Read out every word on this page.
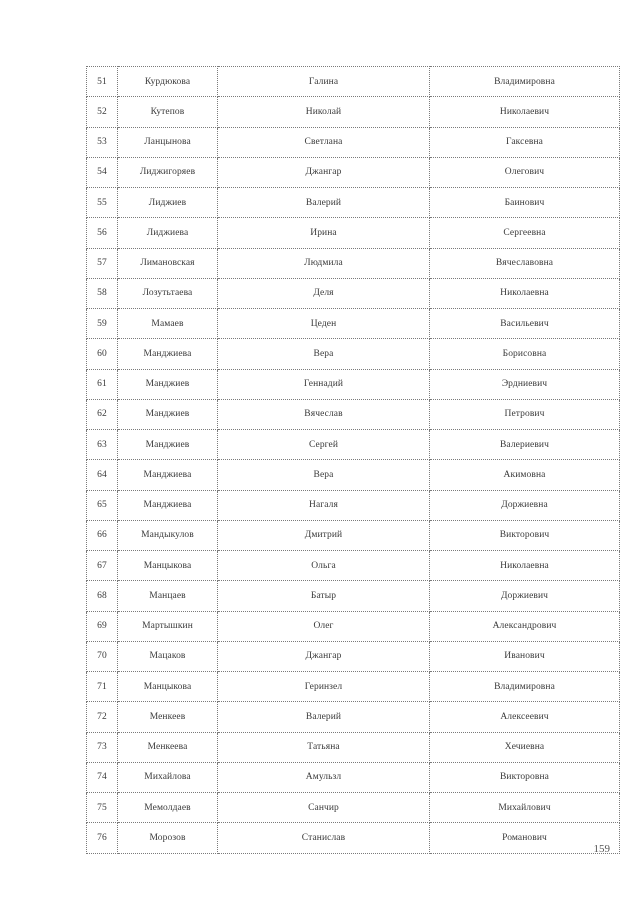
51	Курдюкова	Галина	Владимировна
52	Кутепов	Николай	Николаевич
53	Ланцынова	Светлана	Гаксевна
54	Лиджигоряев	Джангар	Олегович
55	Лиджиев	Валерий	Баинович
56	Лиджиева	Ирина	Сергеевна
57	Лимановская	Людмила	Вячеславовна
58	Лозутьтаева	Деля	Николаевна
59	Мамаев	Цеден	Васильевич
60	Манджиева	Вера	Борисовна
61	Манджиев	Геннадий	Эрдниевич
62	Манджиев	Вячеслав	Петрович
63	Манджиев	Сергей	Валериевич
64	Манджиева	Вера	Акимовна
65	Манджиева	Нагаля	Доржиевна
66	Мандыкулов	Дмитрий	Викторович
67	Манцыкова	Ольга	Николаевна
68	Манцаев	Батыр	Доржиевич
69	Мартышкин	Олег	Александрович
70	Мацаков	Джангар	Иванович
71	Манцыкова	Геринзел	Владимировна
72	Менкеев	Валерий	Алексеевич
73	Менкеева	Татьяна	Хечиевна
74	Михайлова	Амульзл	Викторовна
75	Мемолдаев	Санчир	Михайлович
76	Морозов	Станислав	Романович
159
